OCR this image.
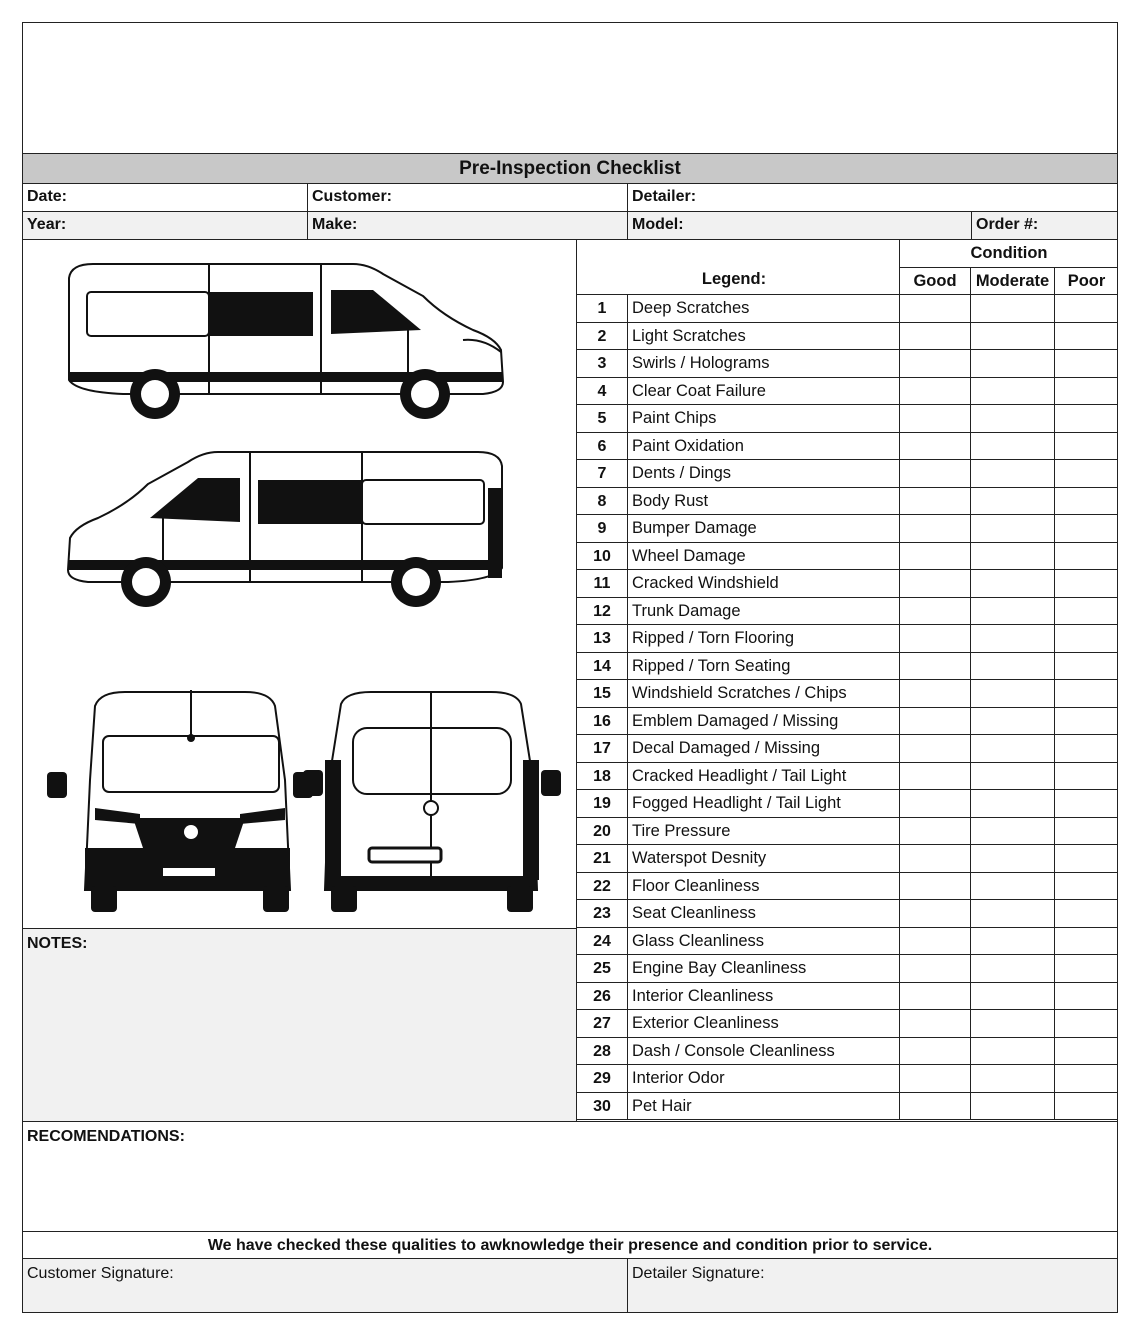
Pre-Inspection Checklist
Date:	Customer:	Detailer:
Year:	Make:	Model:	Order #:
NOTES:
Legend:
Condition
Good	Moderate	Poor
1	Deep Scratches
2	Light Scratches
3	Swirls / Holograms
4	Clear Coat Failure
5	Paint Chips
6	Paint Oxidation
7	Dents / Dings
8	Body Rust
9	Bumper Damage
10	Wheel Damage
11	Cracked Windshield
12	Trunk Damage
13	Ripped / Torn Flooring
14	Ripped / Torn Seating
15	Windshield Scratches / Chips
16	Emblem Damaged / Missing
17	Decal Damaged / Missing
18	Cracked Headlight / Tail Light
19	Fogged Headlight / Tail Light
20	Tire Pressure
21	Waterspot Desnity
22	Floor Cleanliness
23	Seat Cleanliness
24	Glass Cleanliness
25	Engine Bay Cleanliness
26	Interior Cleanliness
27	Exterior Cleanliness
28	Dash / Console Cleanliness
29	Interior Odor
30	Pet Hair
RECOMENDATIONS:
We have checked these qualities to awknowledge their presence and condition prior to service.
Customer Signature:	Detailer Signature:
